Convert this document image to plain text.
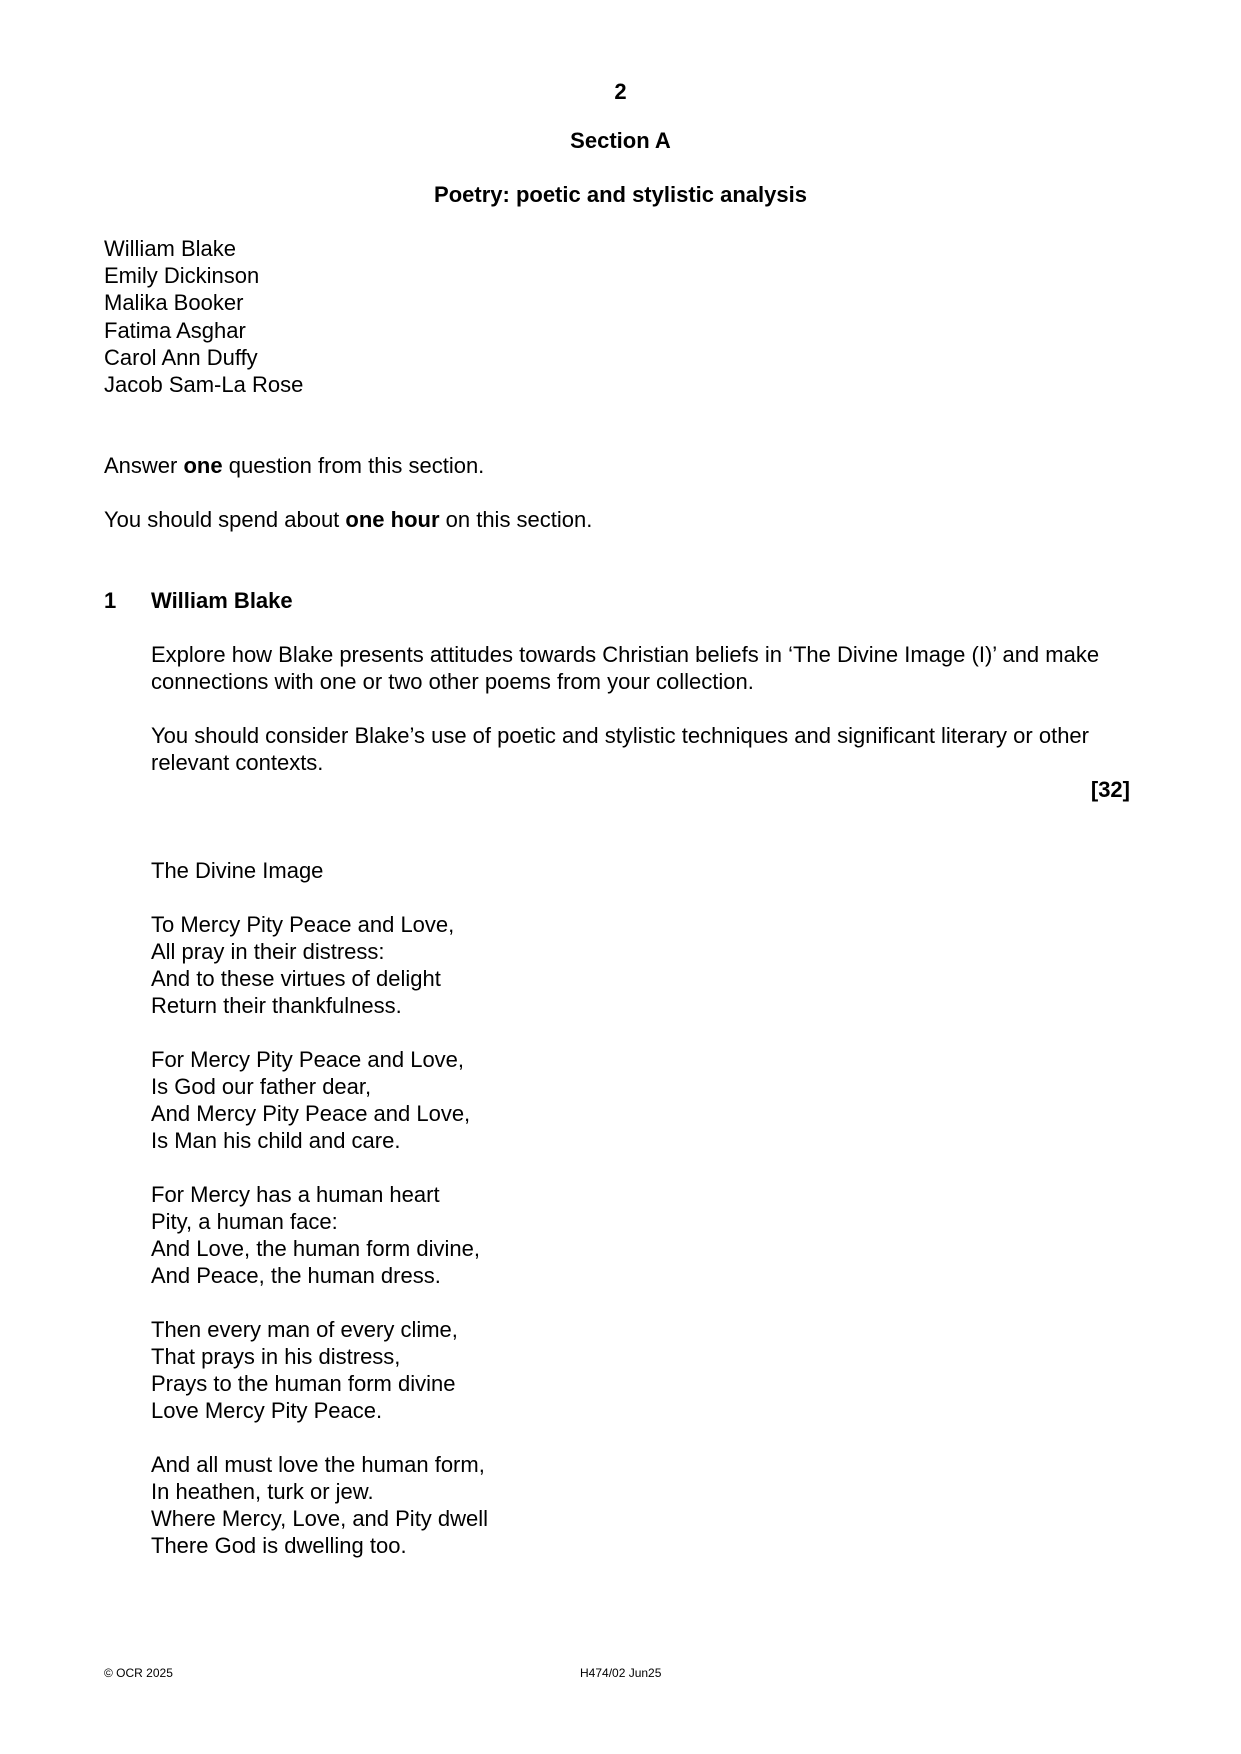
2
Section A
Poetry: poetic and stylistic analysis
William Blake
Emily Dickinson
Malika Booker
Fatima Asghar
Carol Ann Duffy
Jacob Sam-La Rose
Answer one question from this section.
You should spend about one hour on this section.
1 William Blake
Explore how Blake presents attitudes towards Christian beliefs in ‘The Divine Image (I)’ and make connections with one or two other poems from your collection.
You should consider Blake’s use of poetic and stylistic techniques and significant literary or other relevant contexts.
[32]
The Divine Image
To Mercy Pity Peace and Love,
All pray in their distress:
And to these virtues of delight
Return their thankfulness.
For Mercy Pity Peace and Love,
Is God our father dear,
And Mercy Pity Peace and Love,
Is Man his child and care.
For Mercy has a human heart
Pity, a human face:
And Love, the human form divine,
And Peace, the human dress.
Then every man of every clime,
That prays in his distress,
Prays to the human form divine
Love Mercy Pity Peace.
And all must love the human form,
In heathen, turk or jew.
Where Mercy, Love, and Pity dwell
There God is dwelling too.
© OCR 2025	H474/02 Jun25
